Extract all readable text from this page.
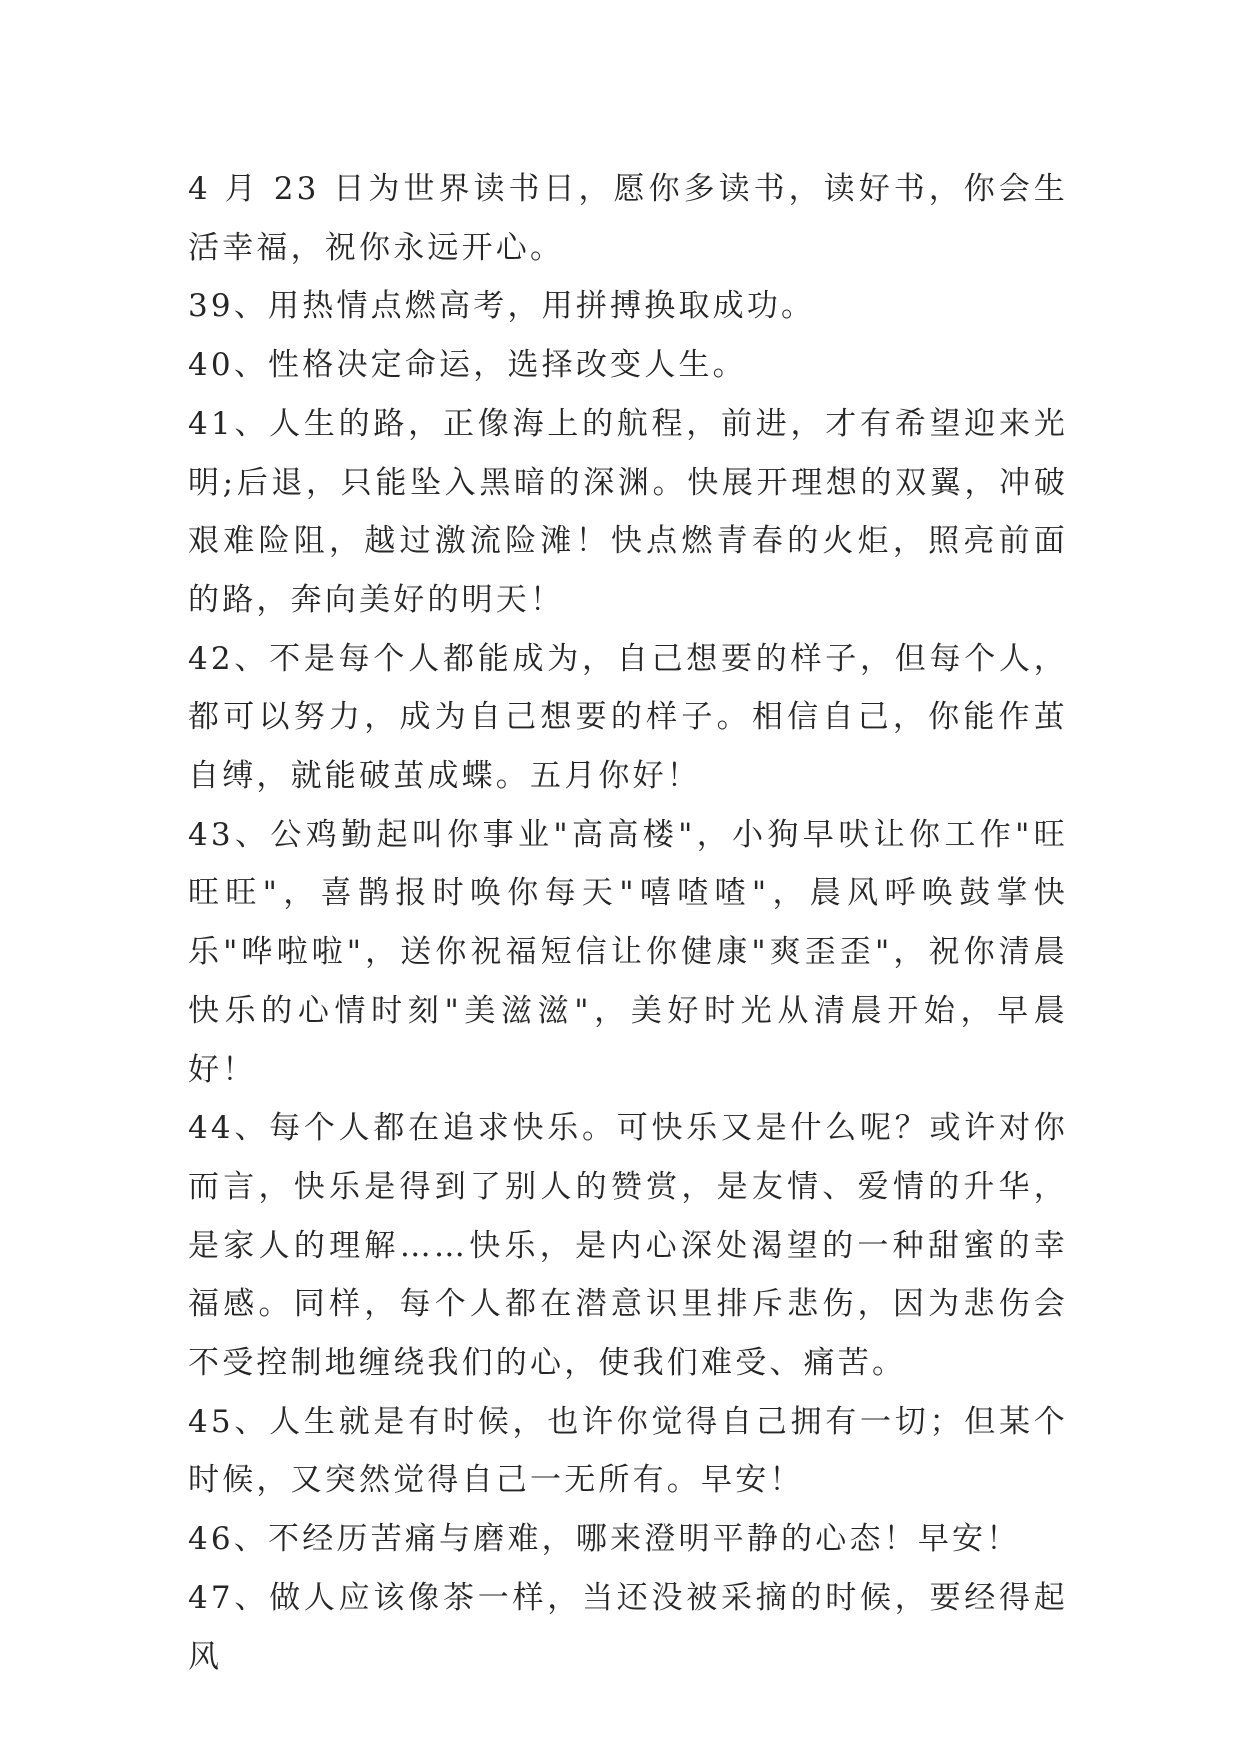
4 月 23 日为世界读书日，愿你多读书，读好书，你会生活幸福，祝你永远开心。

39、用热情点燃高考，用拼搏换取成功。

40、性格决定命运，选择改变人生。

41、人生的路，正像海上的航程，前进，才有希望迎来光明;后退，只能坠入黑暗的深渊。快展开理想的双翼，冲破艰难险阻，越过激流险滩！快点燃青春的火炬，照亮前面的路，奔向美好的明天！

42、不是每个人都能成为，自己想要的样子，但每个人，都可以努力，成为自己想要的样子。相信自己，你能作茧自缚，就能破茧成蝶。五月你好！

43、公鸡勤起叫你事业"高高楼"，小狗早吠让你工作"旺旺旺"，喜鹊报时唤你每天"嘻喳喳"，晨风呼唤鼓掌快乐"哗啦啦"，送你祝福短信让你健康"爽歪歪"，祝你清晨快乐的心情时刻"美滋滋"，美好时光从清晨开始，早晨好！

44、每个人都在追求快乐。可快乐又是什么呢？或许对你而言，快乐是得到了别人的赞赏，是友情、爱情的升华，是家人的理解……快乐，是内心深处渴望的一种甜蜜的幸福感。同样，每个人都在潜意识里排斥悲伤，因为悲伤会不受控制地缠绕我们的心，使我们难受、痛苦。

45、人生就是有时候，也许你觉得自己拥有一切；但某个时候，又突然觉得自己一无所有。早安！

46、不经历苦痛与磨难，哪来澄明平静的心态！早安！

47、做人应该像茶一样，当还没被采摘的时候，要经得起风
